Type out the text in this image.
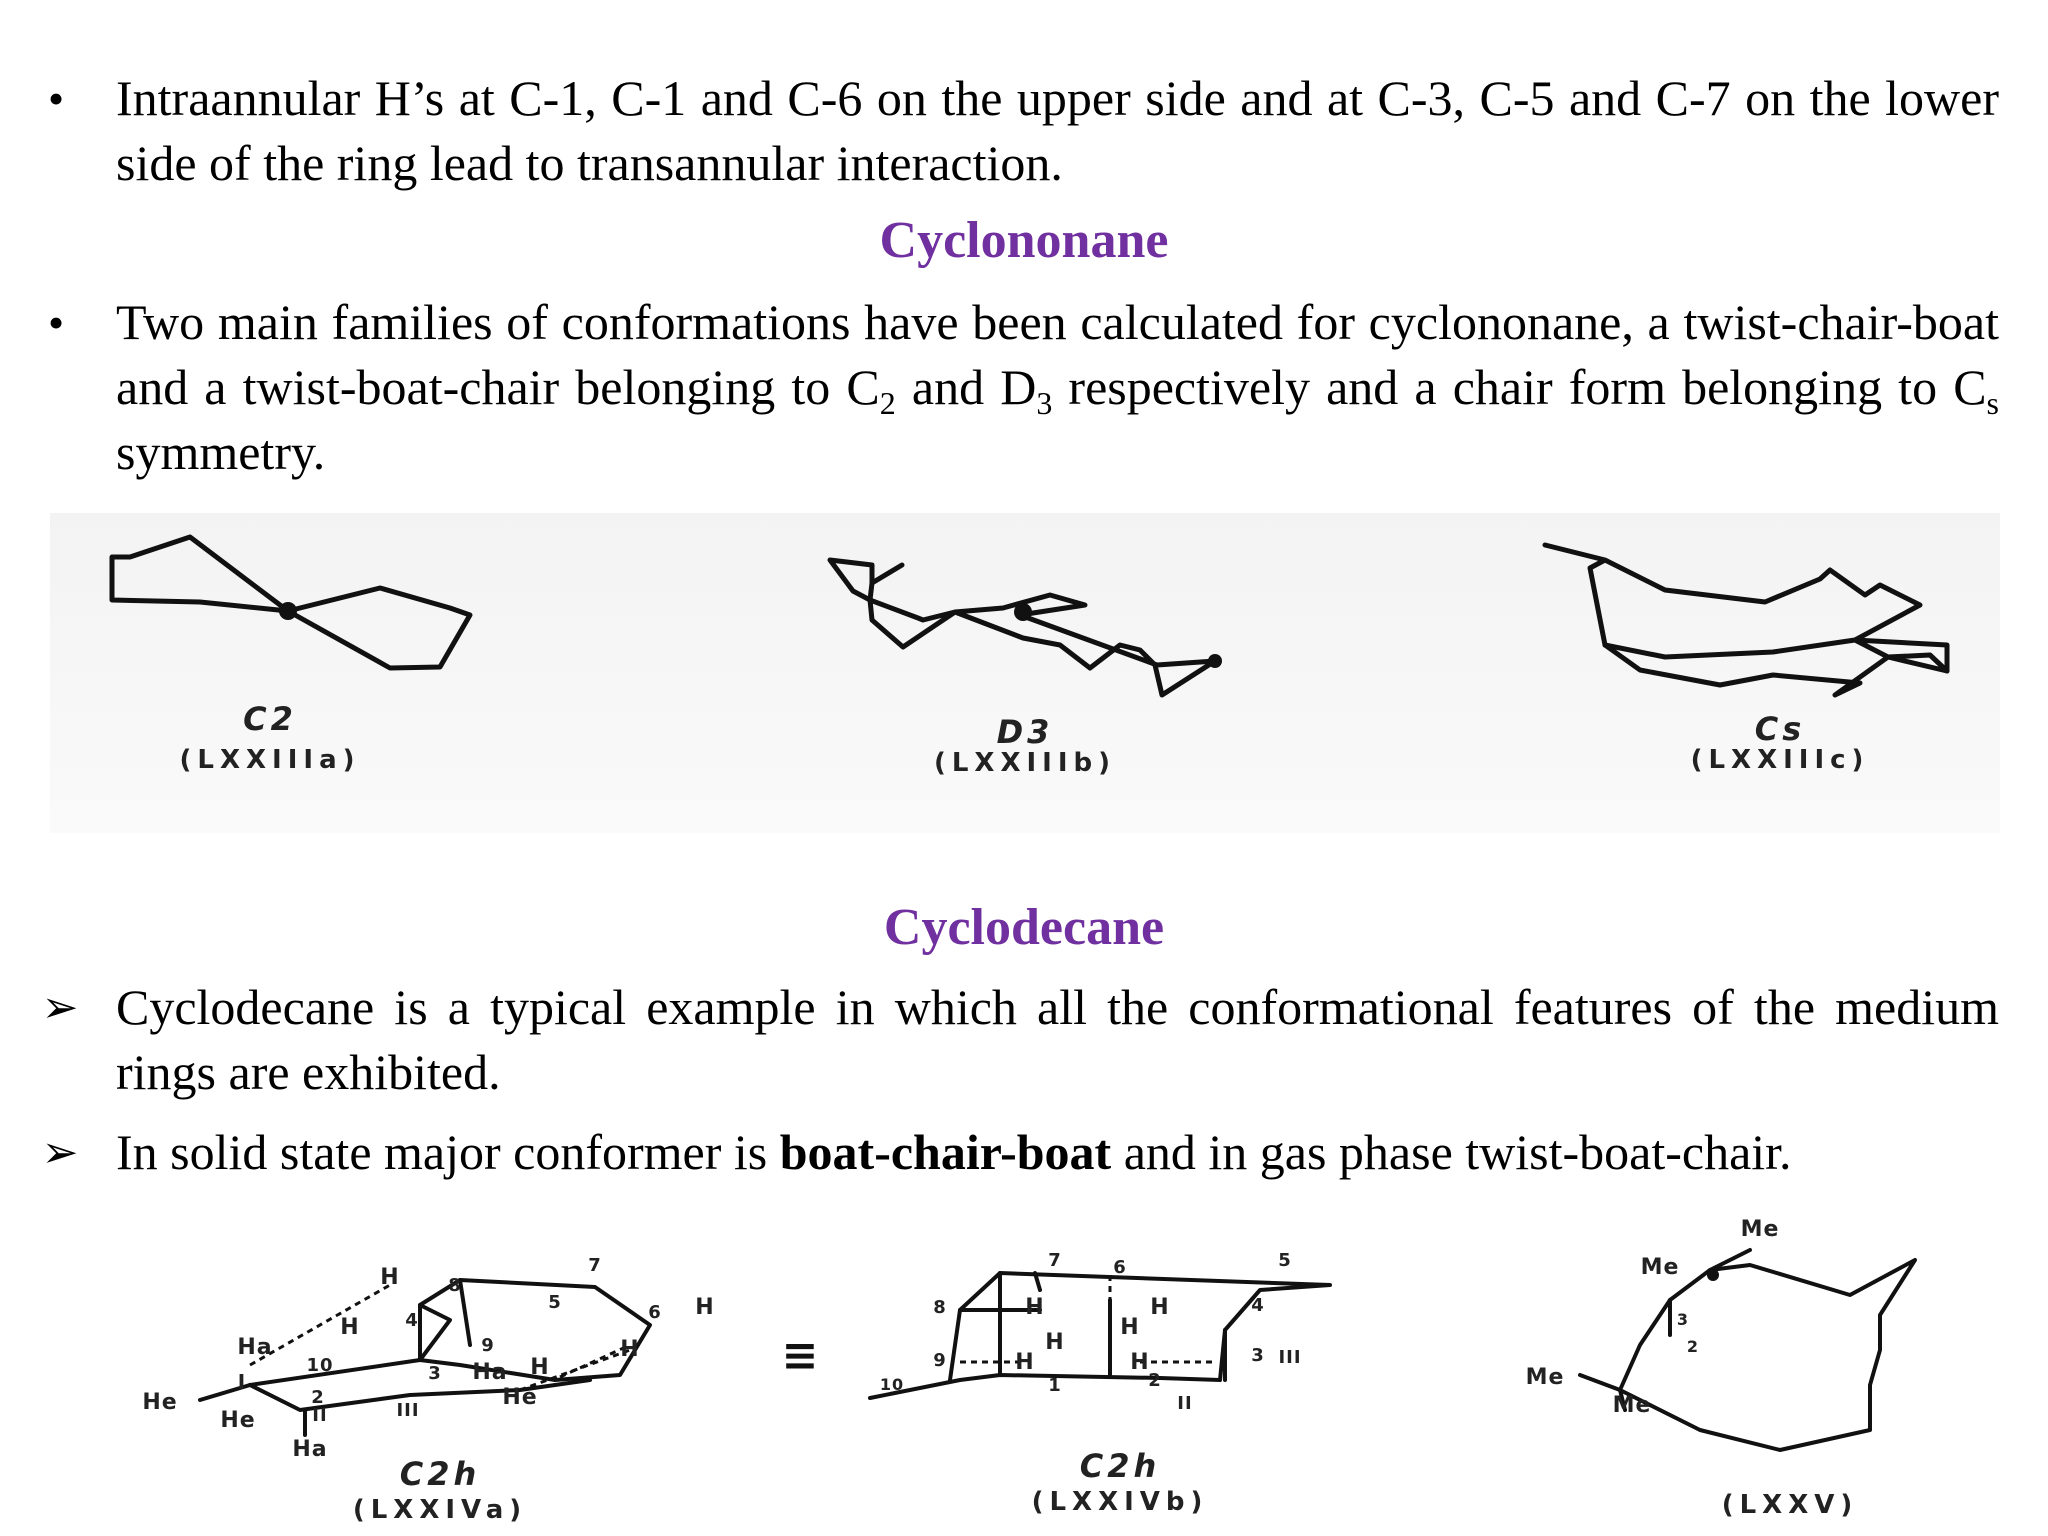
• Intraannular H’s at C-1, C-1 and C-6 on the upper side and at C-3, C-5 and C-7 on the lower side of the ring lead to transannular interaction.

Cyclononane
• Two main families of conformations have been calculated for cyclononane, a twist-chair-boat and a twist-boat-chair belonging to $C_2$ and $D_3$ respectively and a chair form belonging to $C_s$ symmetry.

C2
(LXXIIIa)
D3
(LXXIIIb)
Cs
(LXXIIIc)
Cyclodecane
➢ Cyclodecane is a typical example in which all the conformational features of the medium rings are exhibited.

➢ In solid state major conformer is boat-chair-boat and in gas phase twist-boat-chair.

≡
H	8
7
5	6 H
4
H
Ha	9	H
10	3 Ha H
I
He	He
2
He	II	III
Ha
C2h
(LXXIVa)
7	6	5
8	H	H	4
H
H
9	H	H	3 III
10	2
1
II
C2h
(LXXIVb)
Me
Me
3
2
Me
Me
(LXXV)
